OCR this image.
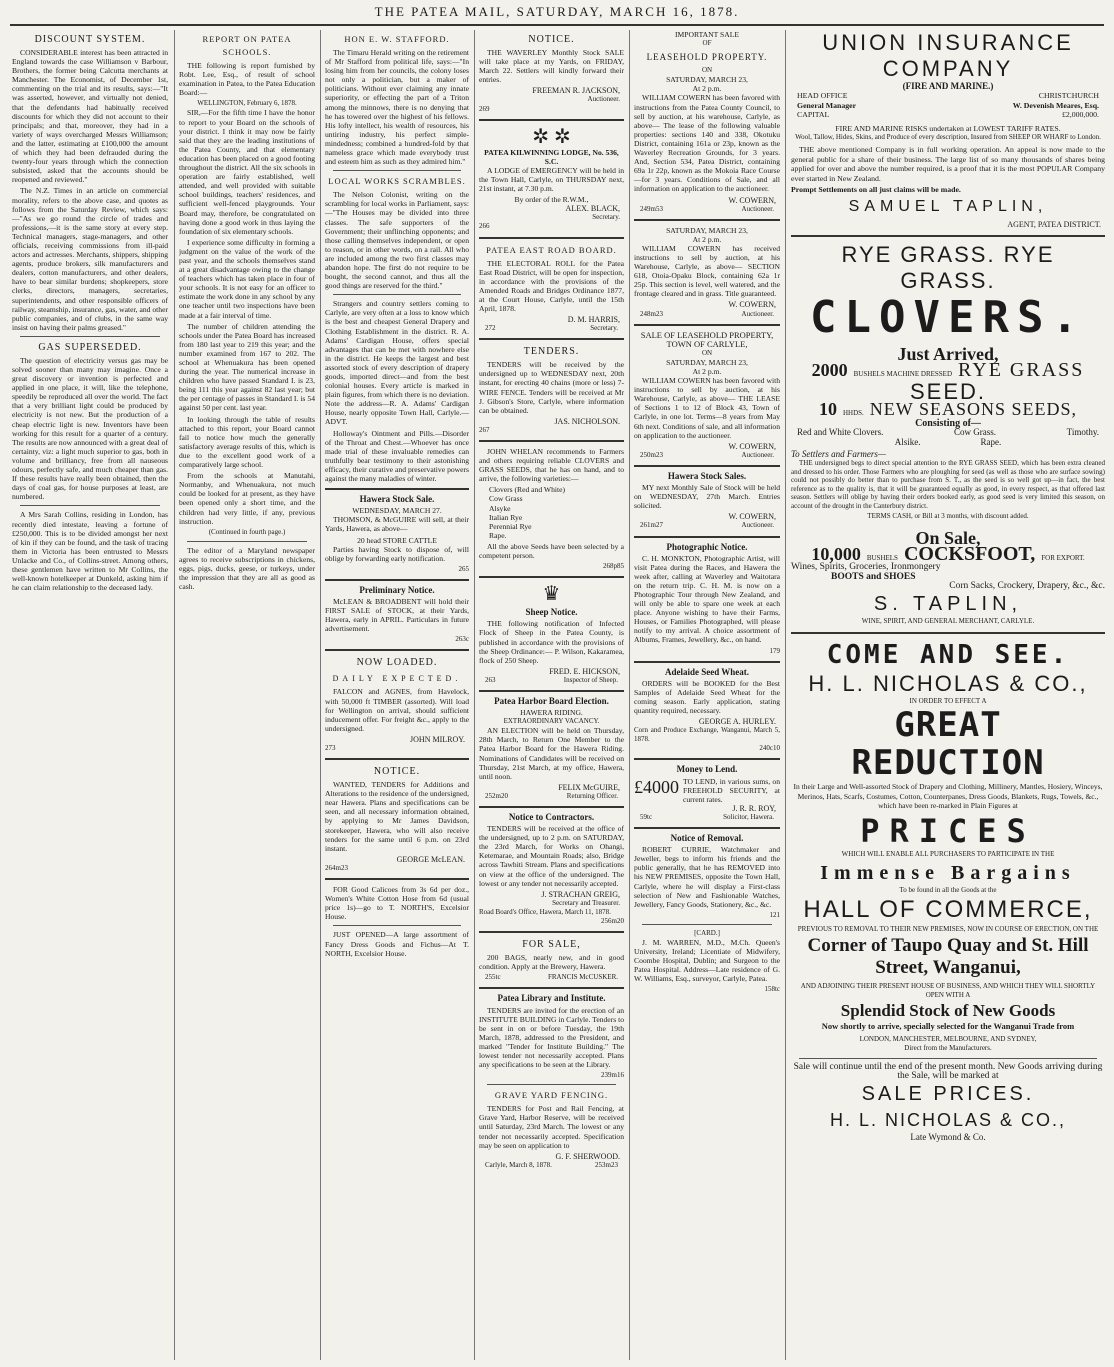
THE PATEA MAIL, SATURDAY, MARCH 16, 1878.
DISCOUNT SYSTEM.

CONSIDERABLE interest has been attracted in England towards the case Williamson v Barbour, Brothers, the former being Calcutta merchants at Manchester. The Economist, of December 1st, commenting on the trial and its results, says:—"It was asserted, however, and virtually not denied, that the defendants had habitually received discounts for which they did not account to their principals; and that, moreover, they had in a variety of ways overcharged Messrs Williamson; and the latter, estimating at £100,000 the amount of which they had been defrauded during the twenty-four years through which the connection subsisted, asked that the accounts should be reopened and reviewed."

The N.Z. Times in an article on commercial morality, refers to the above case, and quotes as follows from the Saturday Review, which says:—"As we go round the circle of trades and professions,—it is the same story at every step. Technical managers, stage-managers, and other officials, receiving commissions from ill-paid actors and actresses. Merchants, shippers, shipping agents, produce brokers, silk manufacturers and dealers, cotton manufacturers, and other dealers, have to bear similar burdens; shopkeepers, store clerks, directors, managers, secretaries, superintendents, and other responsible officers of railway, steamship, insurance, gas, water, and other public companies, and of clubs, in the same way insist on having their palms greased."

GAS SUPERSEDED.

The question of electricity versus gas may be solved sooner than many may imagine. Once a great discovery or invention is perfected and applied in one place, it will, like the telephone, speedily be reproduced all over the world. The fact that a very brilliant light could be produced by electricity is not new. But the production of a cheap electric light is new. Inventors have been working for this result for a quarter of a century. The results are now announced with a great deal of certainty, viz: a light much superior to gas, both in volume and brilliancy, free from all nauseous odours, perfectly safe, and much cheaper than gas. If these results have really been obtained, then the days of coal gas, for house purposes at least, are numbered.

A Mrs Sarah Collins, residing in London, has recently died intestate, leaving a fortune of £250,000. This is to be divided amongst her next of kin if they can be found, and the task of tracing them in Victoria has been entrusted to Messrs Unlacke and Co., of Collins-street. Among others, these gentlemen have written to Mr Collins, the well-known hotelkeeper at Dunkeld, asking him if he can claim relationship to the deceased lady.

REPORT ON PATEA SCHOOLS.

THE following is report furnished by Robt. Lee, Esq., of result of school examination in Patea, to the Patea Education Board:—

WELLINGTON, February 6, 1878.

SIR,—For the fifth time I have the honor to report to your Board on the schools of your district. I think it may now be fairly said that they are the leading institutions of the Patea County, and that elementary education has been placed on a good footing throughout the district. All the six schools in operation are fairly established, well attended, and well provided with suitable school buildings, teachers' residences, and sufficient well-fenced playgrounds. Your Board may, therefore, be congratulated on having done a good work in thus laying the foundation of six elementary schools.

I experience some difficulty in forming a judgment on the value of the work of the past year, and the schools themselves stand at a great disadvantage owing to the change of teachers which has taken place in four of your schools. It is not easy for an officer to estimate the work done in any school by any one teacher until two inspections have been made at a fair interval of time.

The number of children attending the schools under the Patea Board has increased from 180 last year to 219 this year; and the number examined from 167 to 202. The school at Whenuakura has been opened during the year. The numerical increase in children who have passed Standard I. is 23, being 111 this year against 82 last year; but the per centage of passes in Standard I. is 54 against 50 per cent. last year.

In looking through the table of results attached to this report, your Board cannot fail to notice how much the generally satisfactory average results of this, which is due to the excellent good work of a comparatively large school.

From the schools at Manutahi, Normanby, and Whenuakura, not much could be looked for at present, as they have been opened only a short time, and the children had very little, if any, previous instruction.

(Continued in fourth page.)

The editor of a Maryland newspaper agrees to receive subscriptions in chickens, eggs, pigs, ducks, geese, or turkeys, under the impression that they are all as good as cash.

HON E. W. STAFFORD.

The Timaru Herald writing on the retirement of Mr Stafford from political life, says:—"In losing him from her councils, the colony loses not only a politician, but a maker of politicians. Without ever claiming any innate superiority, or effecting the part of a Triton among the minnows, there is no denying that he has towered over the highest of his fellows. His lofty intellect, his wealth of resources, his untiring industry, his perfect simple-mindedness; combined a hundred-fold by that nameless grace which made everybody trust and esteem him as such as they admired him."

LOCAL WORKS SCRAMBLES.

The Nelson Colonist, writing on the scrambling for local works in Parliament, says:—"The Houses may be divided into three classes. The safe supporters of the Government; their unflinching opponents; and those calling themselves independent, or open to reason, or in other words, on a rail. All who are included among the two first classes may abandon hope. The first do not require to be bought, the second cannot, and thus all the good things are reserved for the third."

Strangers and country settlers coming to Carlyle, are very often at a loss to know which is the best and cheapest General Drapery and Clothing Establishment in the district. R. A. Adams' Cardigan House, offers special advantages that can be met with nowhere else in the district. He keeps the largest and best assorted stock of every description of drapery goods, imported direct—and from the best colonial houses. Every article is marked in plain figures, from which there is no deviation. Note the address—R. A. Adams' Cardigan House, nearly opposite Town Hall, Carlyle.—ADVT.

Holloway's Ointment and Pills.—Disorder of the Throat and Chest.—Whoever has once made trial of these invaluable remedies can truthfully bear testimony to their astonishing efficacy, their curative and preservative powers against the many maladies of winter.

Hawera Stock Sale.
WEDNESDAY, MARCH 27.

THOMSON, & McGUIRE will sell, at their Yards, Hawera, as above—

20 head STORE CATTLE

Parties having Stock to dispose of, will oblige by forwarding early notification.

265
Preliminary Notice.

McLEAN & BROADBENT will hold their FIRST SALE of STOCK, at their Yards, Hawera, early in APRIL. Particulars in future advertisement.

263c
NOW LOADED.
DAILY EXPECTED.

FALCON and AGNES, from Havelock, with 50,000 ft TIMBER (assorted). Will load for Wellington on arrival, should sufficient inducement offer. For freight &c., apply to the undersigned.

JOHN MILROY.
273
NOTICE.

WANTED, TENDERS for Additions and Alterations to the residence of the undersigned, near Hawera. Plans and specifications can be seen, and all necessary information obtained, by applying to Mr James Davidson, storekeeper, Hawera, who will also receive tenders for the same until 6 p.m. on 23rd instant.

GEORGE McLEAN.
264m23

FOR Good Calicoes from 3s 6d per doz., Women's White Cotton Hose from 6d (usual price 1s)—go to T. NORTH'S, Excelsior House.

JUST OPENED—A large assortment of Fancy Dress Goods and Fichus—At T. NORTH, Excelsior House.

NOTICE.

THE WAVERLEY Monthly Stock SALE will take place at my Yards, on FRIDAY, March 22. Settlers will kindly forward their entries.

FREEMAN R. JACKSON,
Auctioneer.
269
✲ ✲
PATEA KILWINNING LODGE, No. 536, S.C.

A LODGE of EMERGENCY will be held in the Town Hall, Carlyle, on THURSDAY next, 21st instant, at 7.30 p.m.

By order of the R.W.M.,
ALEX. BLACK,
Secretary.
266
PATEA EAST ROAD BOARD.

THE ELECTORAL ROLL for the Patea East Road District, will be open for inspection, in accordance with the provisions of the Amended Roads and Bridges Ordinance 1877, at the Court House, Carlyle, until the 15th April, 1878.

D. M. HARRIS,
272	Secretary.
TENDERS.

TENDERS will be received by the undersigned up to WEDNESDAY next, 20th instant, for erecting 40 chains (more or less) 7-WIRE FENCE. Tenders will be received at Mr J. Gibson's Store, Carlyle, where information can be obtained.

JAS. NICHOLSON.
267

JOHN WHELAN recommends to Farmers and others requiring reliable CLOVERS and GRASS SEEDS, that he has on hand, and to arrive, the following varieties:—

Clovers (Red and White)
Cow Grass
Alsyke
Italian Rye
Perennial Rye
Rape.

All the above Seeds have been selected by a competent person.

268p85
♛
Sheep Notice.

THE following notification of Infected Flock of Sheep in the Patea County, is published in accordance with the provisions of the Sheep Ordinance:— P. Wilson, Kakaramea, flock of 250 Sheep.

FRED. E. HICKSON,
263	Inspector of Sheep.
Patea Harbor Board Election.
HAWERA RIDING.
EXTRAORDINARY VACANCY.

AN ELECTION will be held on Thursday, 28th March, to Return One Member to the Patea Harbor Board for the Hawera Riding. Nominations of Candidates will be received on Thursday, 21st March, at my office, Hawera, until noon.

FELIX McGUIRE,
252m20	Returning Officer.
Notice to Contractors.

TENDERS will be received at the office of the undersigned, up to 2 p.m. on SATURDAY, the 23rd March, for Works on Ohangi, Ketemarae, and Mountain Roads; also, Bridge across Tawhiti Stream. Plans and specifications on view at the office of the undersigned. The lowest or any tender not necessarily accepted.

J. STRACHAN GREIG,
Secretary and Treasurer.
Road Board's Office, Hawera, March 11, 1878.
256m20
FOR SALE,

200 BAGS, nearly new, and in good condition. Apply at the Brewery, Hawera.

255tc	FRANCIS McCUSKER.
Patea Library and Institute.

TENDERS are invited for the erection of an INSTITUTE BUILDING in Carlyle. Tenders to be sent in on or before Tuesday, the 19th March, 1878, addressed to the President, and marked "Tender for Institute Building." The lowest tender not necessarily accepted. Plans any specifications to be seen at the Library.

239m16
GRAVE YARD FENCING.

TENDERS for Post and Rail Fencing, at Grave Yard, Harbor Reserve, will be received until Saturday, 23rd March. The lowest or any tender not necessarily accepted. Specification may be seen on application to

G. F. SHERWOOD.
Carlyle, March 8, 1878.	253m23
IMPORTANT SALE
OF
LEASEHOLD PROPERTY.
ON
SATURDAY, MARCH 23,
At 2 p.m.

WILLIAM COWERN has been favored with instructions from the Patea County Council, to sell by auction, at his warehouse, Carlyle, as above— The lease of the following valuable properties: sections 140 and 338, Okotuku District, containing 161a or 23p, known as the Waverley Recreation Grounds, for 3 years. And, Section 534, Patea District, containing 69a 1r 22p, known as the Mokoia Race Course—for 3 years. Conditions of Sale, and all information on application to the auctioneer.

W. COWERN,
249m53	Auctioneer.
SATURDAY, MARCH 23,
At 2 p.m.

WILLIAM COWERN has received instructions to sell by auction, at his Warehouse, Carlyle, as above— SECTION 618, Otoia-Opaku Block, containing 62a 1r 25p. This section is level, well watered, and the frontage cleared and in grass. Title guaranteed.

W. COWERN,
248m23	Auctioneer.
SALE OF LEASEHOLD PROPERTY, TOWN OF CARLYLE,
ON
SATURDAY, MARCH 23,
At 2 p.m.

WILLIAM COWERN has been favored with instructions to sell by auction, at his Warehouse, Carlyle, as above— THE LEASE of Sections 1 to 12 of Block 43, Town of Carlyle, in one lot. Terms—8 years from May 6th next. Conditions of sale, and all information on application to the auctioneer.

W. COWERN,
250m23	Auctioneer.
Hawera Stock Sales.

MY next Monthly Sale of Stock will be held on WEDNESDAY, 27th March. Entries solicited.

W. COWERN,
261m27	Auctioneer.
Photographic Notice.

C. H. MONKTON, Photographic Artist, will visit Patea during the Races, and Hawera the week after, calling at Waverley and Waitotara on the return trip. C. H. M. is now on a Photographic Tour through New Zealand, and will only be able to spare one week at each place. Anyone wishing to have their Farms, Houses, or Families Photographed, will please notify to my arrival. A choice assortment of Albums, Frames, Jewellery, &c., on hand.

179
Adelaide Seed Wheat.

ORDERS will be BOOKED for the Best Samples of Adelaide Seed Wheat for the coming season. Early application, stating quantity required, necessary.

GEORGE A. HURLEY.
Corn and Produce Exchange, Wanganui, March 5, 1878.
240c10
Money to Lend.
£4000 TO LEND, in various sums, on FREEHOLD SECURITY, at current rates.
J. R. R. ROY,
59tc	Solicitor, Hawera.
Notice of Removal.

ROBERT CURRIE, Watchmaker and Jeweller, begs to inform his friends and the public generally, that he has REMOVED into his NEW PREMISES, opposite the Town Hall, Carlyle, where he will display a First-class selection of New and Fashionable Watches, Jewellery, Fancy Goods, Stationery, &c., &c.

121
[CARD.]

J. M. WARREN, M.D., M.Ch. Queen's University, Ireland; Licentiate of Midwifery, Coombe Hospital, Dublin; and Surgeon to the Patea Hospital. Address—Late residence of G. W. Williams, Esq., surveyor, Carlyle, Patea.

158tc
UNION INSURANCE COMPANY
(FIRE AND MARINE.)
HEAD OFFICE	CHRISTCHURCH
General Manager	W. Devenish Meares, Esq.
CAPITAL	£2,000,000.
FIRE AND MARINE RISKS undertaken at LOWEST TARIFF RATES.
Wool, Tallow, Hides, Skins, and Produce of every description, Insured from SHEEP OR WHARF to London.

THE above mentioned Company is in full working operation. An appeal is now made to the general public for a share of their business. The large list of so many thousands of shares being applied for over and above the number required, is a proof that it is the most POPULAR Company ever started in New Zealand.

Prompt Settlements on all just claims will be made.
SAMUEL TAPLIN,
AGENT, PATEA DISTRICT.
RYE GRASS. RYE GRASS.
CLOVERS.
Just Arrived,
2000 BUSHELS MACHINE DRESSED RYE GRASS
SEED.
10 HHDS. NEW SEASONS SEEDS,
Consisting of—
Red and White Clovers.	Cow Grass.	Timothy.
Alsike.	Rape.
To Settlers and Farmers—

THE undersigned begs to direct special attention to the RYE GRASS SEED, which has been extra cleaned and dressed to his order. Those Farmers who are ploughing for seed (as well as those who are surface sowing) could not possibly do better than to purchase from S. T., as the seed is so well got up—in fact, the best reference as to the quality is, that it will be guaranteed equally as good, in every respect, as that offered last season. Settlers will oblige by having their orders booked early, as good seed is very limited this season, on account of the drought in the Canterbury district.

TERMS CASH, or Bill at 3 months, with discount added.
On Sale,
10,000 BUSHELS COCKSFOOT, FOR EXPORT.
Wines, Spirits, Groceries, Ironmongery
BOOTS and SHOES
Corn Sacks, Crockery, Drapery, &c., &c.
S. TAPLIN,
WINE, SPIRIT, AND GENERAL MERCHANT, CARLYLE.
COME AND SEE.
H. L. NICHOLAS & CO.,
IN ORDER TO EFFECT A
GREAT REDUCTION

In their Large and Well-assorted Stock of Drapery and Clothing, Millinery, Mantles, Hosiery, Winceys, Merinos, Hats, Scarfs, Costumes, Cotton, Counterpanes, Dress Goods, Blankets, Rugs, Towels, &c., which have been re-marked in Plain Figures at

PRICES
WHICH WILL ENABLE ALL PURCHASERS TO PARTICIPATE IN THE
Immense Bargains
To be found in all the Goods at the
HALL OF COMMERCE,
PREVIOUS TO REMOVAL TO THEIR NEW PREMISES, NOW IN COURSE OF ERECTION, ON THE
Corner of Taupo Quay and St. Hill Street, Wanganui,
AND ADJOINING THEIR PRESENT HOUSE OF BUSINESS, AND WHICH THEY WILL SHORTLY OPEN WITH A
Splendid Stock of New Goods
Now shortly to arrive, specially selected for the Wanganui Trade from
LONDON, MANCHESTER, MELBOURNE, AND SYDNEY,
Direct from the Manufacturers.
Sale will continue until the end of the present month. New Goods arriving during the Sale, will be marked at
SALE PRICES.
H. L. NICHOLAS & CO.,
Late Wymond & Co.
